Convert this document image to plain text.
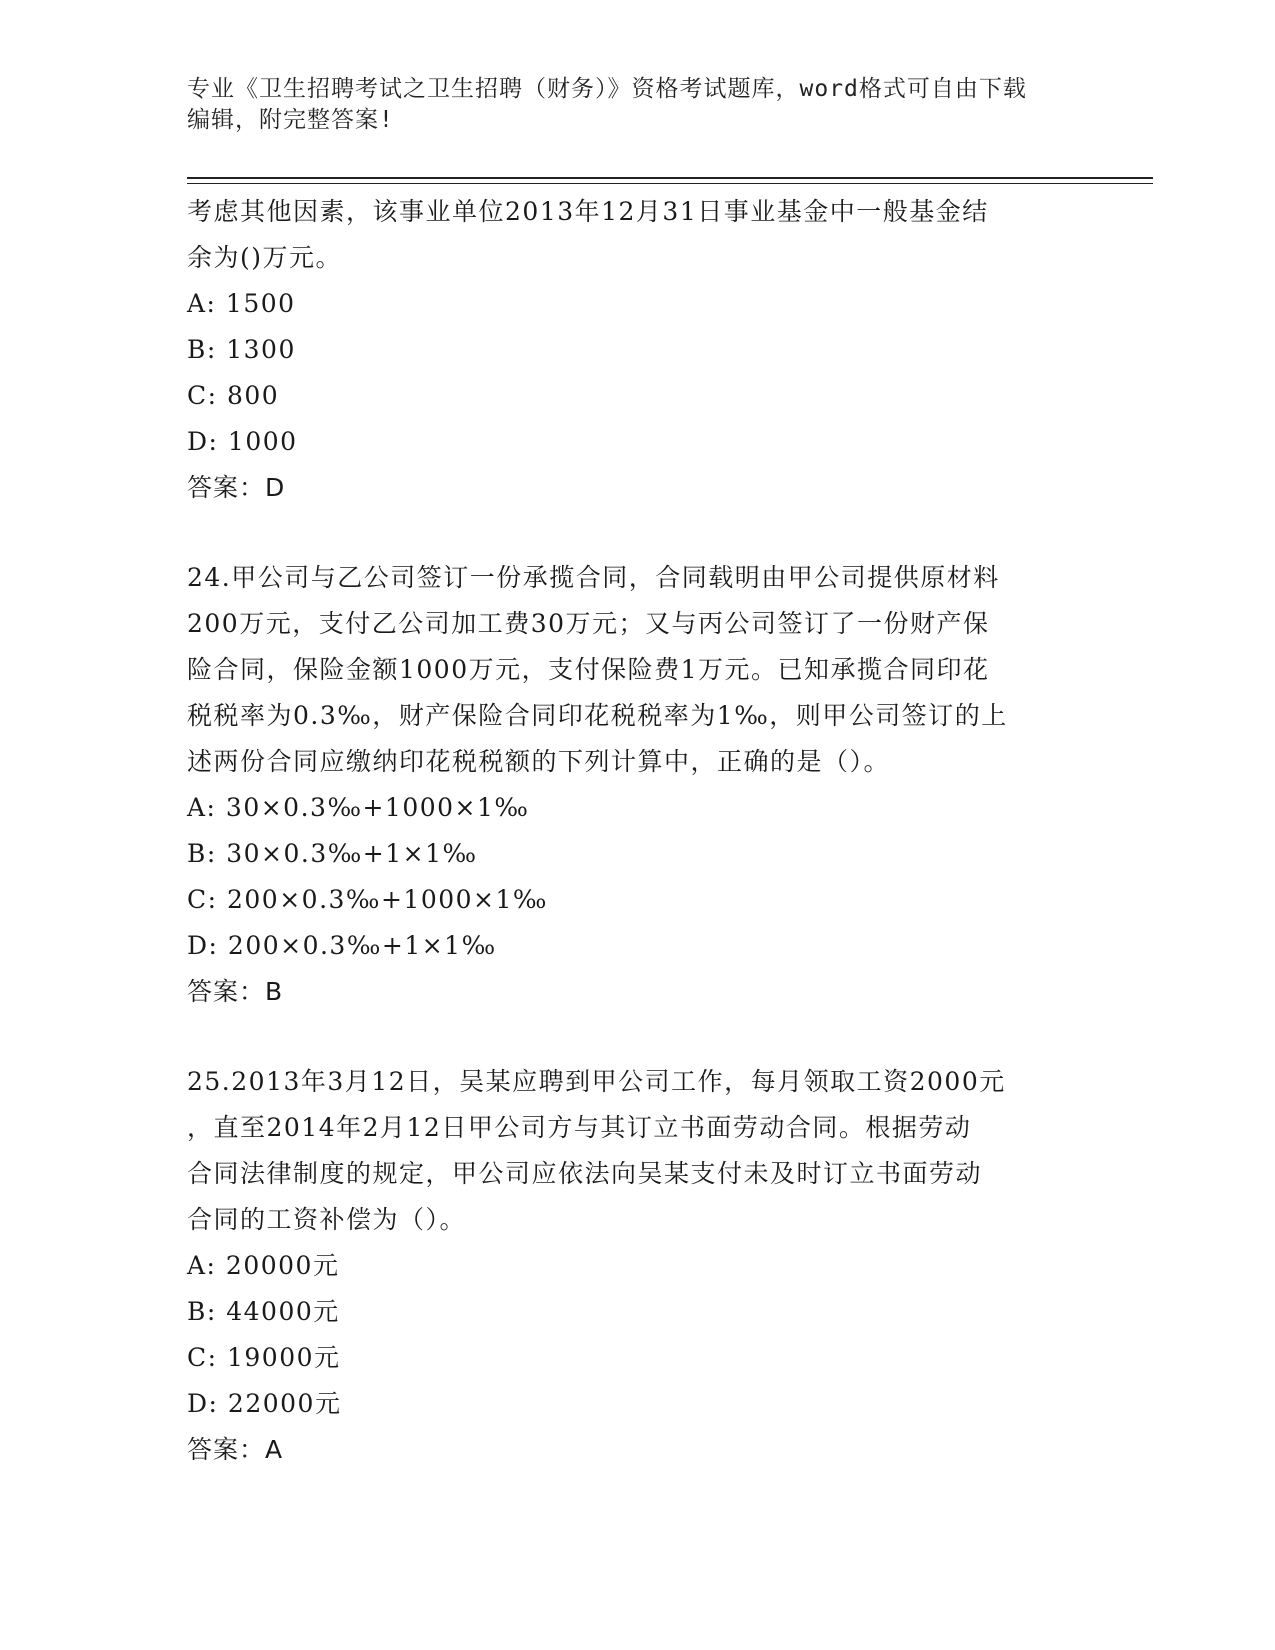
专业《卫生招聘考试之卫生招聘（财务）》资格考试题库，word格式可自由下载
编辑，附完整答案!
考虑其他因素，该事业单位2013年12月31日事业基金中一般基金结
余为()万元。
A: 1500
B: 1300
C: 800
D: 1000
答案：D
24.甲公司与乙公司签订一份承揽合同，合同载明由甲公司提供原材料
200万元，支付乙公司加工费30万元；又与丙公司签订了一份财产保
险合同，保险金额1000万元，支付保险费1万元。已知承揽合同印花
税税率为0.3‰，财产保险合同印花税税率为1‰，则甲公司签订的上
述两份合同应缴纳印花税税额的下列计算中，正确的是（）。
A: 30×0.3‰+1000×1‰
B: 30×0.3‰+1×1‰
C: 200×0.3‰+1000×1‰
D: 200×0.3‰+1×1‰
答案：B
25.2013年3月12日，吴某应聘到甲公司工作，每月领取工资2000元
，直至2014年2月12日甲公司方与其订立书面劳动合同。根据劳动
合同法律制度的规定，甲公司应依法向吴某支付未及时订立书面劳动
合同的工资补偿为（）。
A: 20000元
B: 44000元
C: 19000元
D: 22000元
答案：A
